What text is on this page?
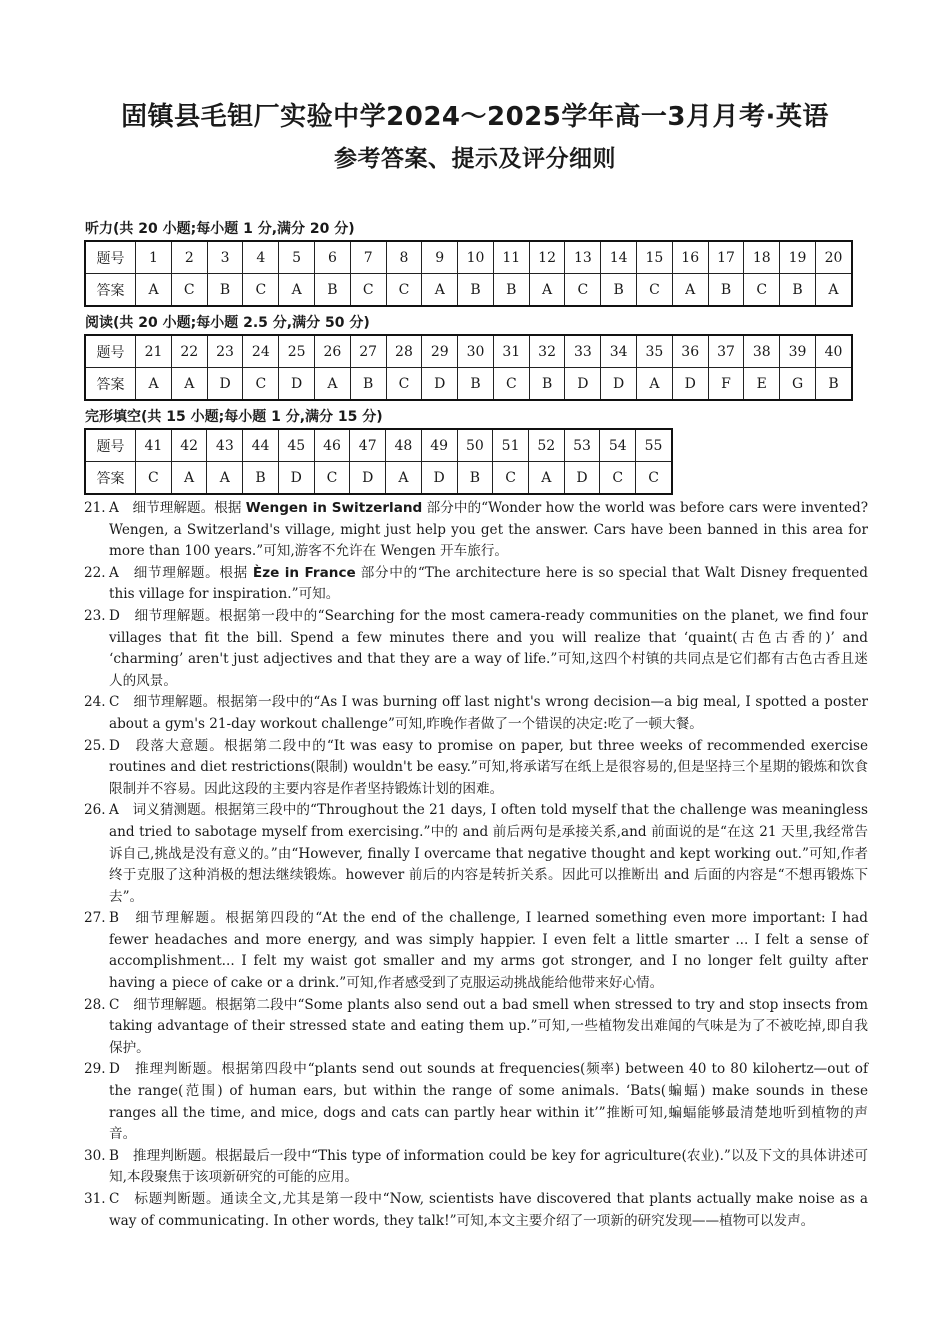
固镇县毛钽厂实验中学2024～2025学年高一3月月考·英语
参考答案、提示及评分细则
听力(共 20 小题;每小题 1 分,满分 20 分)
题号	1	2	3	4	5	6	7	8	9	10	11	12	13	14	15	16	17	18	19	20
答案	A	C	B	C	A	B	C	C	A	B	B	A	C	B	C	A	B	C	B	A
阅读(共 20 小题;每小题 2.5 分,满分 50 分)
题号	21	22	23	24	25	26	27	28	29	30	31	32	33	34	35	36	37	38	39	40
答案	A	A	D	C	D	A	B	C	D	B	C	B	D	D	A	D	F	E	G	B
完形填空(共 15 小题;每小题 1 分,满分 15 分)
题号	41	42	43	44	45	46	47	48	49	50	51	52	53	54	55
答案	C	A	A	B	D	C	D	A	D	B	C	A	D	C	C
21. A　细节理解题。根据 Wengen in Switzerland 部分中的“Wonder how the world was before cars were invented? Wengen, a Switzerland's village, might just help you get the answer. Cars have been banned in this area for more than 100 years.”可知,游客不允许在 Wengen 开车旅行。
22. A　细节理解题。根据 Èze in France 部分中的“The architecture here is so special that Walt Disney frequented this village for inspiration.”可知。
23. D　细节理解题。根据第一段中的“Searching for the most camera-ready communities on the planet, we find four villages that fit the bill. Spend a few minutes there and you will realize that ‘quaint(古色古香的)’ and ‘charming’ aren't just adjectives and that they are a way of life.”可知,这四个村镇的共同点是它们都有古色古香且迷人的风景。
24. C　细节理解题。根据第一段中的“As I was burning off last night's wrong decision—a big meal, I spotted a poster about a gym's 21-day workout challenge”可知,昨晚作者做了一个错误的决定:吃了一顿大餐。
25. D　段落大意题。根据第二段中的“It was easy to promise on paper, but three weeks of recommended exercise routines and diet restrictions(限制) wouldn't be easy.”可知,将承诺写在纸上是很容易的,但是坚持三个星期的锻炼和饮食限制并不容易。因此这段的主要内容是作者坚持锻炼计划的困难。
26. A　词义猜测题。根据第三段中的“Throughout the 21 days, I often told myself that the challenge was meaningless and tried to sabotage myself from exercising.”中的 and 前后两句是承接关系,and 前面说的是“在这 21 天里,我经常告诉自己,挑战是没有意义的。”由“However, finally I overcame that negative thought and kept working out.”可知,作者终于克服了这种消极的想法继续锻炼。however 前后的内容是转折关系。因此可以推断出 and 后面的内容是“不想再锻炼下去”。
27. B　细节理解题。根据第四段的“At the end of the challenge, I learned something even more important: I had fewer headaches and more energy, and was simply happier. I even felt a little smarter ... I felt a sense of accomplishment... I felt my waist got smaller and my arms got stronger, and I no longer felt guilty after having a piece of cake or a drink.”可知,作者感受到了克服运动挑战能给他带来好心情。
28. C　细节理解题。根据第二段中“Some plants also send out a bad smell when stressed to try and stop insects from taking advantage of their stressed state and eating them up.”可知,一些植物发出难闻的气味是为了不被吃掉,即自我保护。
29. D　推理判断题。根据第四段中“plants send out sounds at frequencies(频率) between 40 to 80 kilohertz—out of the range(范围) of human ears, but within the range of some animals. ‘Bats(蝙蝠) make sounds in these ranges all the time, and mice, dogs and cats can partly hear within it’”推断可知,蝙蝠能够最清楚地听到植物的声音。
30. B　推理判断题。根据最后一段中“This type of information could be key for agriculture(农业).”以及下文的具体讲述可知,本段聚焦于该项新研究的可能的应用。
31. C　标题判断题。通读全文,尤其是第一段中“Now, scientists have discovered that plants actually make noise as a way of communicating. In other words, they talk!”可知,本文主要介绍了一项新的研究发现——植物可以发声。
